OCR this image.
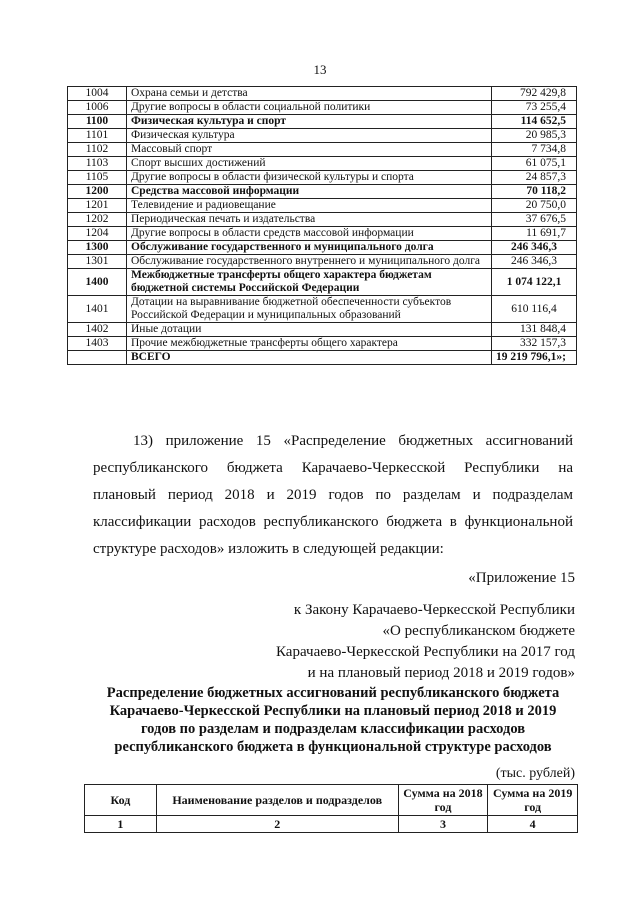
13
1004	Охрана семьи и детства	792 429,8
1006	Другие вопросы в области социальной политики	73 255,4
1100	Физическая культура и спорт	114 652,5
1101	Физическая культура	20 985,3
1102	Массовый спорт	7 734,8
1103	Спорт высших достижений	61 075,1
1105	Другие вопросы в области физической культуры и спорта	24 857,3
1200	Средства массовой информации	70 118,2
1201	Телевидение и радиовещание	20 750,0
1202	Периодическая печать и издательства	37 676,5
1204	Другие вопросы в области средств массовой информации	11 691,7
1300	Обслуживание государственного и муниципального долга	246 346,3
1301	Обслуживание государственного внутреннего и муниципального долга	246 346,3
1400	Межбюджетные трансферты общего характера бюджетам бюджетной системы Российской Федерации	1 074 122,1
1401	Дотации на выравнивание бюджетной обеспеченности субъектов Российской Федерации и муниципальных образований	610 116,4
1402	Иные дотации	131 848,4
1403	Прочие межбюджетные трансферты общего характера	332 157,3
	ВСЕГО	19 219 796,1»;
13) приложение 15 «Распределение бюджетных ассигнований республиканского бюджета Карачаево-Черкесской Республики на плановый период 2018 и 2019 годов по разделам и подразделам классификации расходов республиканского бюджета в функциональной структуре расходов» изложить в следующей редакции:
«Приложение 15
к Закону Карачаево-Черкесской Республики
«О республиканском бюджете
Карачаево-Черкесской Республики на 2017 год
и на плановый период 2018 и 2019 годов»
Распределение бюджетных ассигнований республиканского бюджета Карачаево-Черкесской Республики на плановый период 2018 и 2019 годов по разделам и подразделам классификации расходов республиканского бюджета в функциональной структуре расходов
(тыс. рублей)
Код	Наименование разделов и подразделов	Сумма на 2018 год	Сумма на 2019 год
1	2	3	4
